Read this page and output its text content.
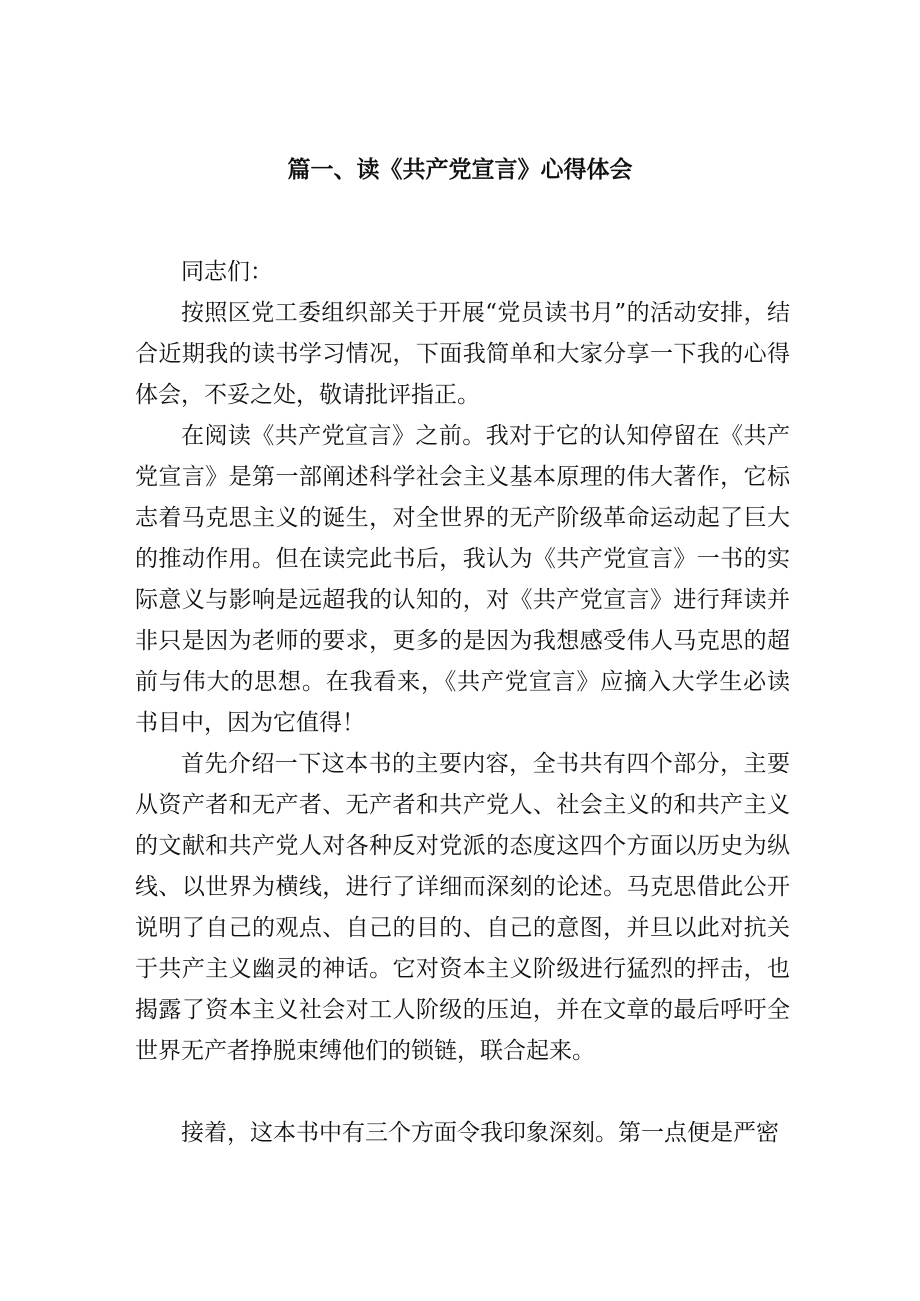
篇一、读《共产党宣言》心得体会

同志们：

按照区党工委组织部关于开展“党员读书月”的活动安排，结合近期我的读书学习情况，下面我简单和大家分享一下我的心得体会，不妥之处，敬请批评指正。

在阅读《共产党宣言》之前。我对于它的认知停留在《共产党宣言》是第一部阐述科学社会主义基本原理的伟大著作，它标志着马克思主义的诞生，对全世界的无产阶级革命运动起了巨大的推动作用。但在读完此书后，我认为《共产党宣言》一书的实际意义与影响是远超我的认知的，对《共产党宣言》进行拜读并非只是因为老师的要求，更多的是因为我想感受伟人马克思的超前与伟大的思想。在我看来，《共产党宣言》应摘入大学生必读书目中，因为它值得！

首先介绍一下这本书的主要内容，全书共有四个部分，主要从资产者和无产者、无产者和共产党人、社会主义的和共产主义的文献和共产党人对各种反对党派的态度这四个方面以历史为纵线、以世界为横线，进行了详细而深刻的论述。马克思借此公开说明了自己的观点、自己的目的、自己的意图，并旦以此对抗关于共产主义幽灵的神话。它对资本主义阶级进行猛烈的抨击，也揭露了资本主义社会对工人阶级的压迫，并在文章的最后呼吁全世界无产者挣脱束缚他们的锁链，联合起来。

接着，这本书中有三个方面令我印象深刻。第一点便是严密
